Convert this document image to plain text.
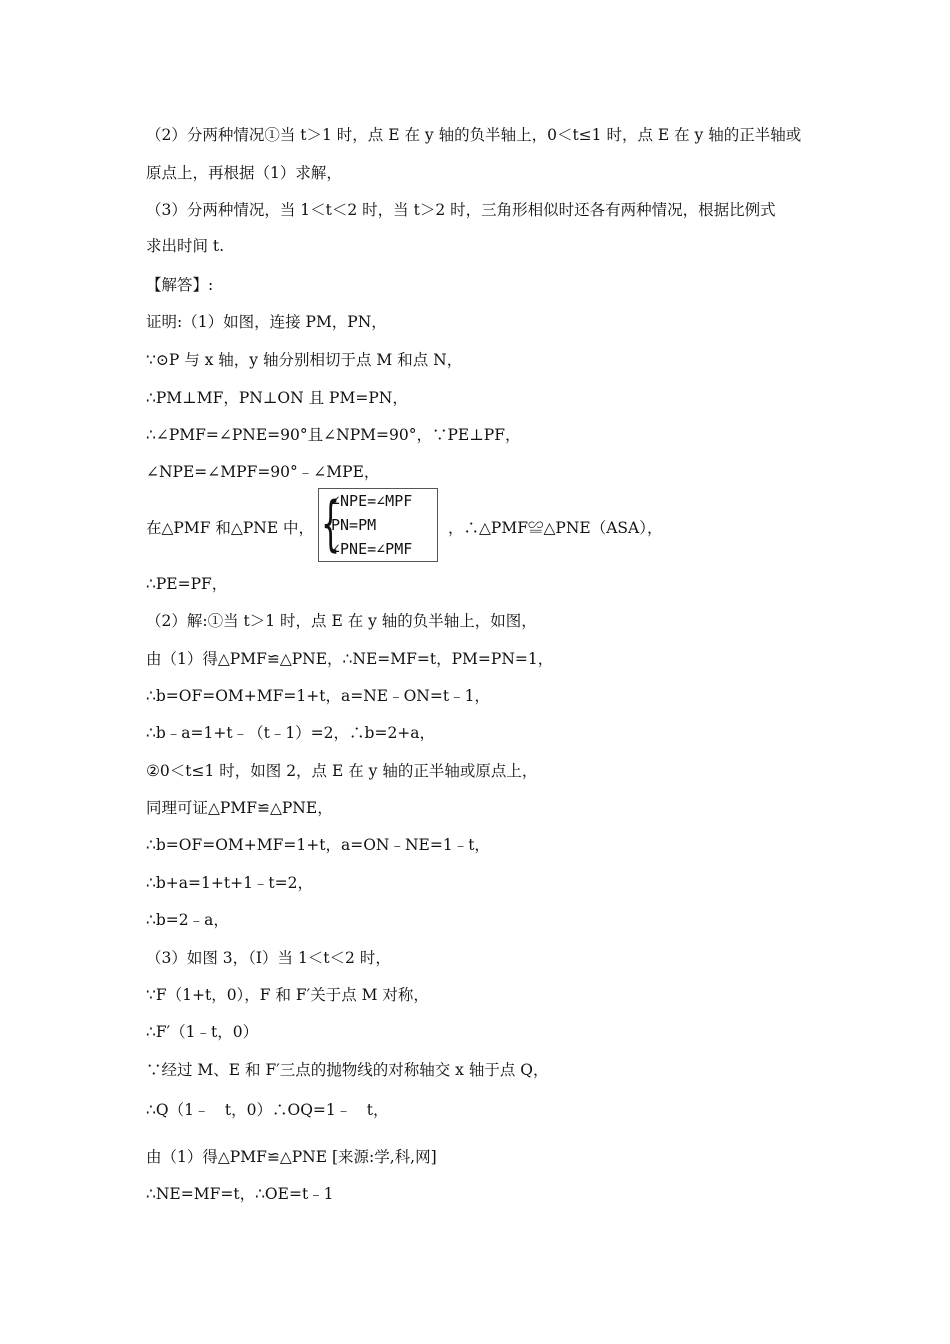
（2）分两种情况①当 t＞1 时，点 E 在 y 轴的负半轴上，0＜t≤1 时，点 E 在 y 轴的正半轴或
原点上，再根据（1）求解，
（3）分两种情况，当 1＜t＜2 时，当 t＞2 时，三角形相似时还各有两种情况，根据比例式
求出时间 t.
【解答】:
证明:（1）如图，连接 PM，PN，
∵⊙P 与 x 轴，y 轴分别相切于点 M 和点 N，
∴PM⊥MF，PN⊥ON 且 PM=PN，
∴∠PMF=∠PNE=90°且∠NPM=90°，∵PE⊥PF，
∠NPE=∠MPF=90°﹣∠MPE，
在△PMF 和△PNE 中， {
∠NPE=∠MPF
PN=PM
∠PNE=∠PMF
，∴△PMF≌△PNE（ASA），
∴PE=PF，
（2）解:①当 t＞1 时，点 E 在 y 轴的负半轴上，如图，
由（1）得△PMF≌△PNE，∴NE=MF=t，PM=PN=1，
∴b=OF=OM+MF=1+t，a=NE﹣ON=t﹣1，
∴b﹣a=1+t﹣（t﹣1）=2，∴b=2+a，
②0＜t≤1 时，如图 2，点 E 在 y 轴的正半轴或原点上，
同理可证△PMF≌△PNE，
∴b=OF=OM+MF=1+t，a=ON﹣NE=1﹣t，
∴b+a=1+t+1﹣t=2，
∴b=2﹣a，
（3）如图 3，（Ⅰ）当 1＜t＜2 时，
∵F（1+t，0），F 和 F′关于点 M 对称，
∴F′（1﹣t，0）
∵经过 M、E 和 F′三点的抛物线的对称轴交 x 轴于点 Q，
∴Q（1﹣　t，0）∴OQ=1﹣　t，
由（1）得△PMF≌△PNE [来源:学,科,网]
∴NE=MF=t，∴OE=t﹣1
